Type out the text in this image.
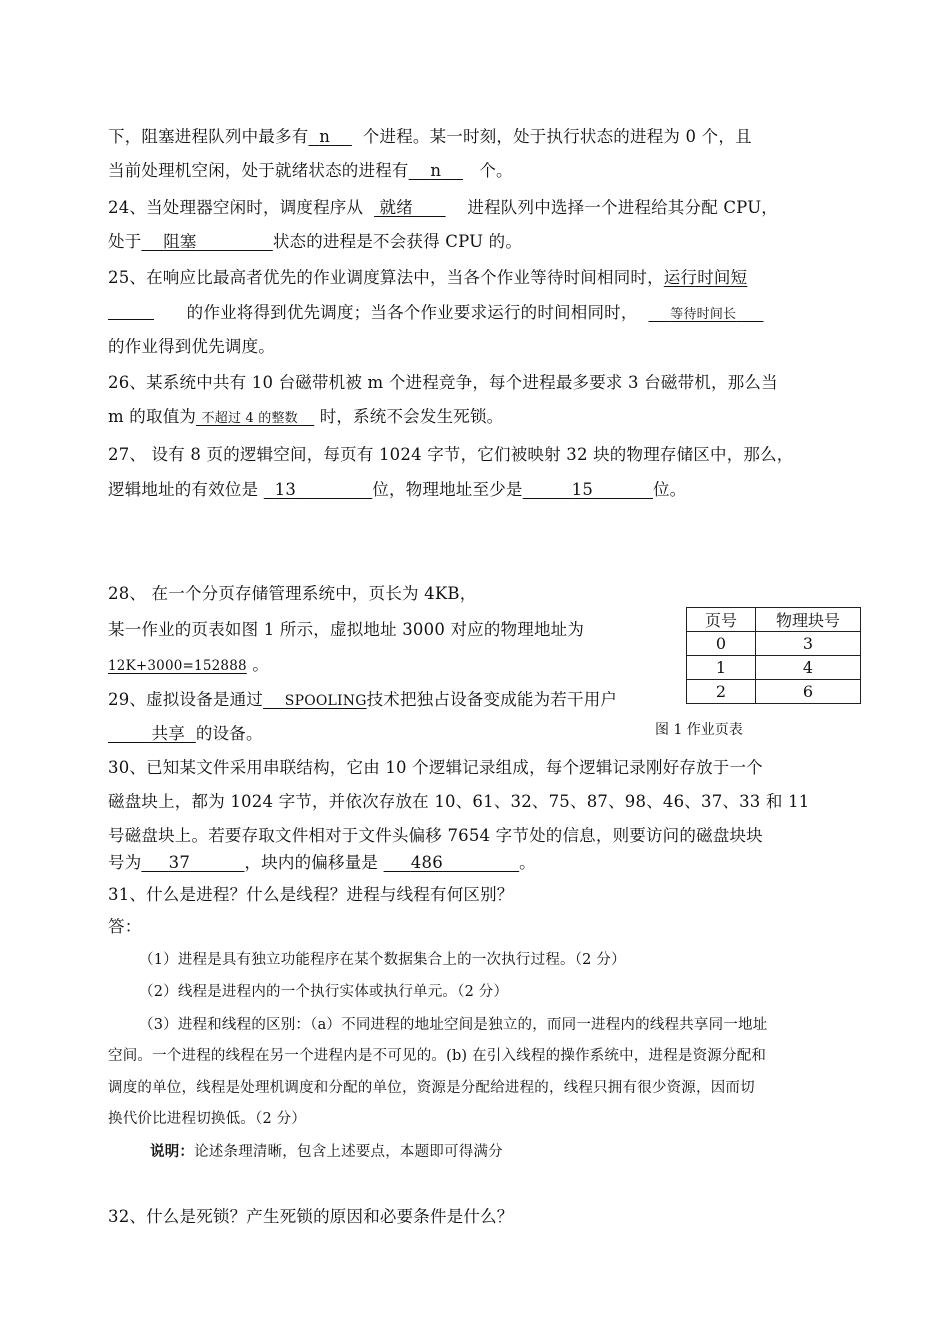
下，阻塞进程队列中最多有 n 个进程。某一时刻，处于执行状态的进程为 0 个，且
当前处理机空闲，处于就绪状态的进程有 n 个。
24、当处理器空闲时，调度程序从 就绪	进程队列中选择一个进程给其分配 CPU，
处于 阻塞	状态的进程是不会获得 CPU 的。
25、在响应比最高者优先的作业调度算法中，当各个作业等待时间相同时，运行时间短
的作业将得到优先调度；当各个作业要求运行的时间相同时，	等待时间长
的作业得到优先调度。
26、某系统中共有 10 台磁带机被 m 个进程竞争，每个进程最多要求 3 台磁带机，那么当
m 的取值为 不超过 4 的整数 时，系统不会发生死锁。
27、 设有 8 页的逻辑空间，每页有 1024 字节，它们被映射 32 块的物理存储区中，那么，
逻辑地址的有效位是 13	位，物理地址至少是	15	位。
28、 在一个分页存储管理系统中，页长为 4KB，
某一作业的页表如图 1 所示，虚拟地址 3000 对应的物理地址为
12K+3000=152888 。
29、虚拟设备是通过 SPOOLING技术把独占设备变成能为若干用户
共享 的设备。
页号	物理块号
0	3
1	4
2	6
图 1 作业页表
30、已知某文件采用串联结构，它由 10 个逻辑记录组成，每个逻辑记录刚好存放于一个
磁盘块上，都为 1024 字节，并依次存放在 10、61、32、75、87、98、46、37、33 和 11
号磁盘块上。若要存取文件相对于文件头偏移 7654 字节处的信息，则要访问的磁盘块块
号为 37	，块内的偏移量是 486	。
31、什么是进程？什么是线程？进程与线程有何区别？
答：
（1）进程是具有独立功能程序在某个数据集合上的一次执行过程。（2 分）
（2）线程是进程内的一个执行实体或执行单元。（2 分）
（3）进程和线程的区别：（a）不同进程的地址空间是独立的，而同一进程内的线程共享同一地址
空间。一个进程的线程在另一个进程内是不可见的。(b) 在引入线程的操作系统中，进程是资源分配和
调度的单位，线程是处理机调度和分配的单位，资源是分配给进程的，线程只拥有很少资源，因而切
换代价比进程切换低。（2 分）
说明：论述条理清晰，包含上述要点，本题即可得满分
32、什么是死锁？产生死锁的原因和必要条件是什么？
